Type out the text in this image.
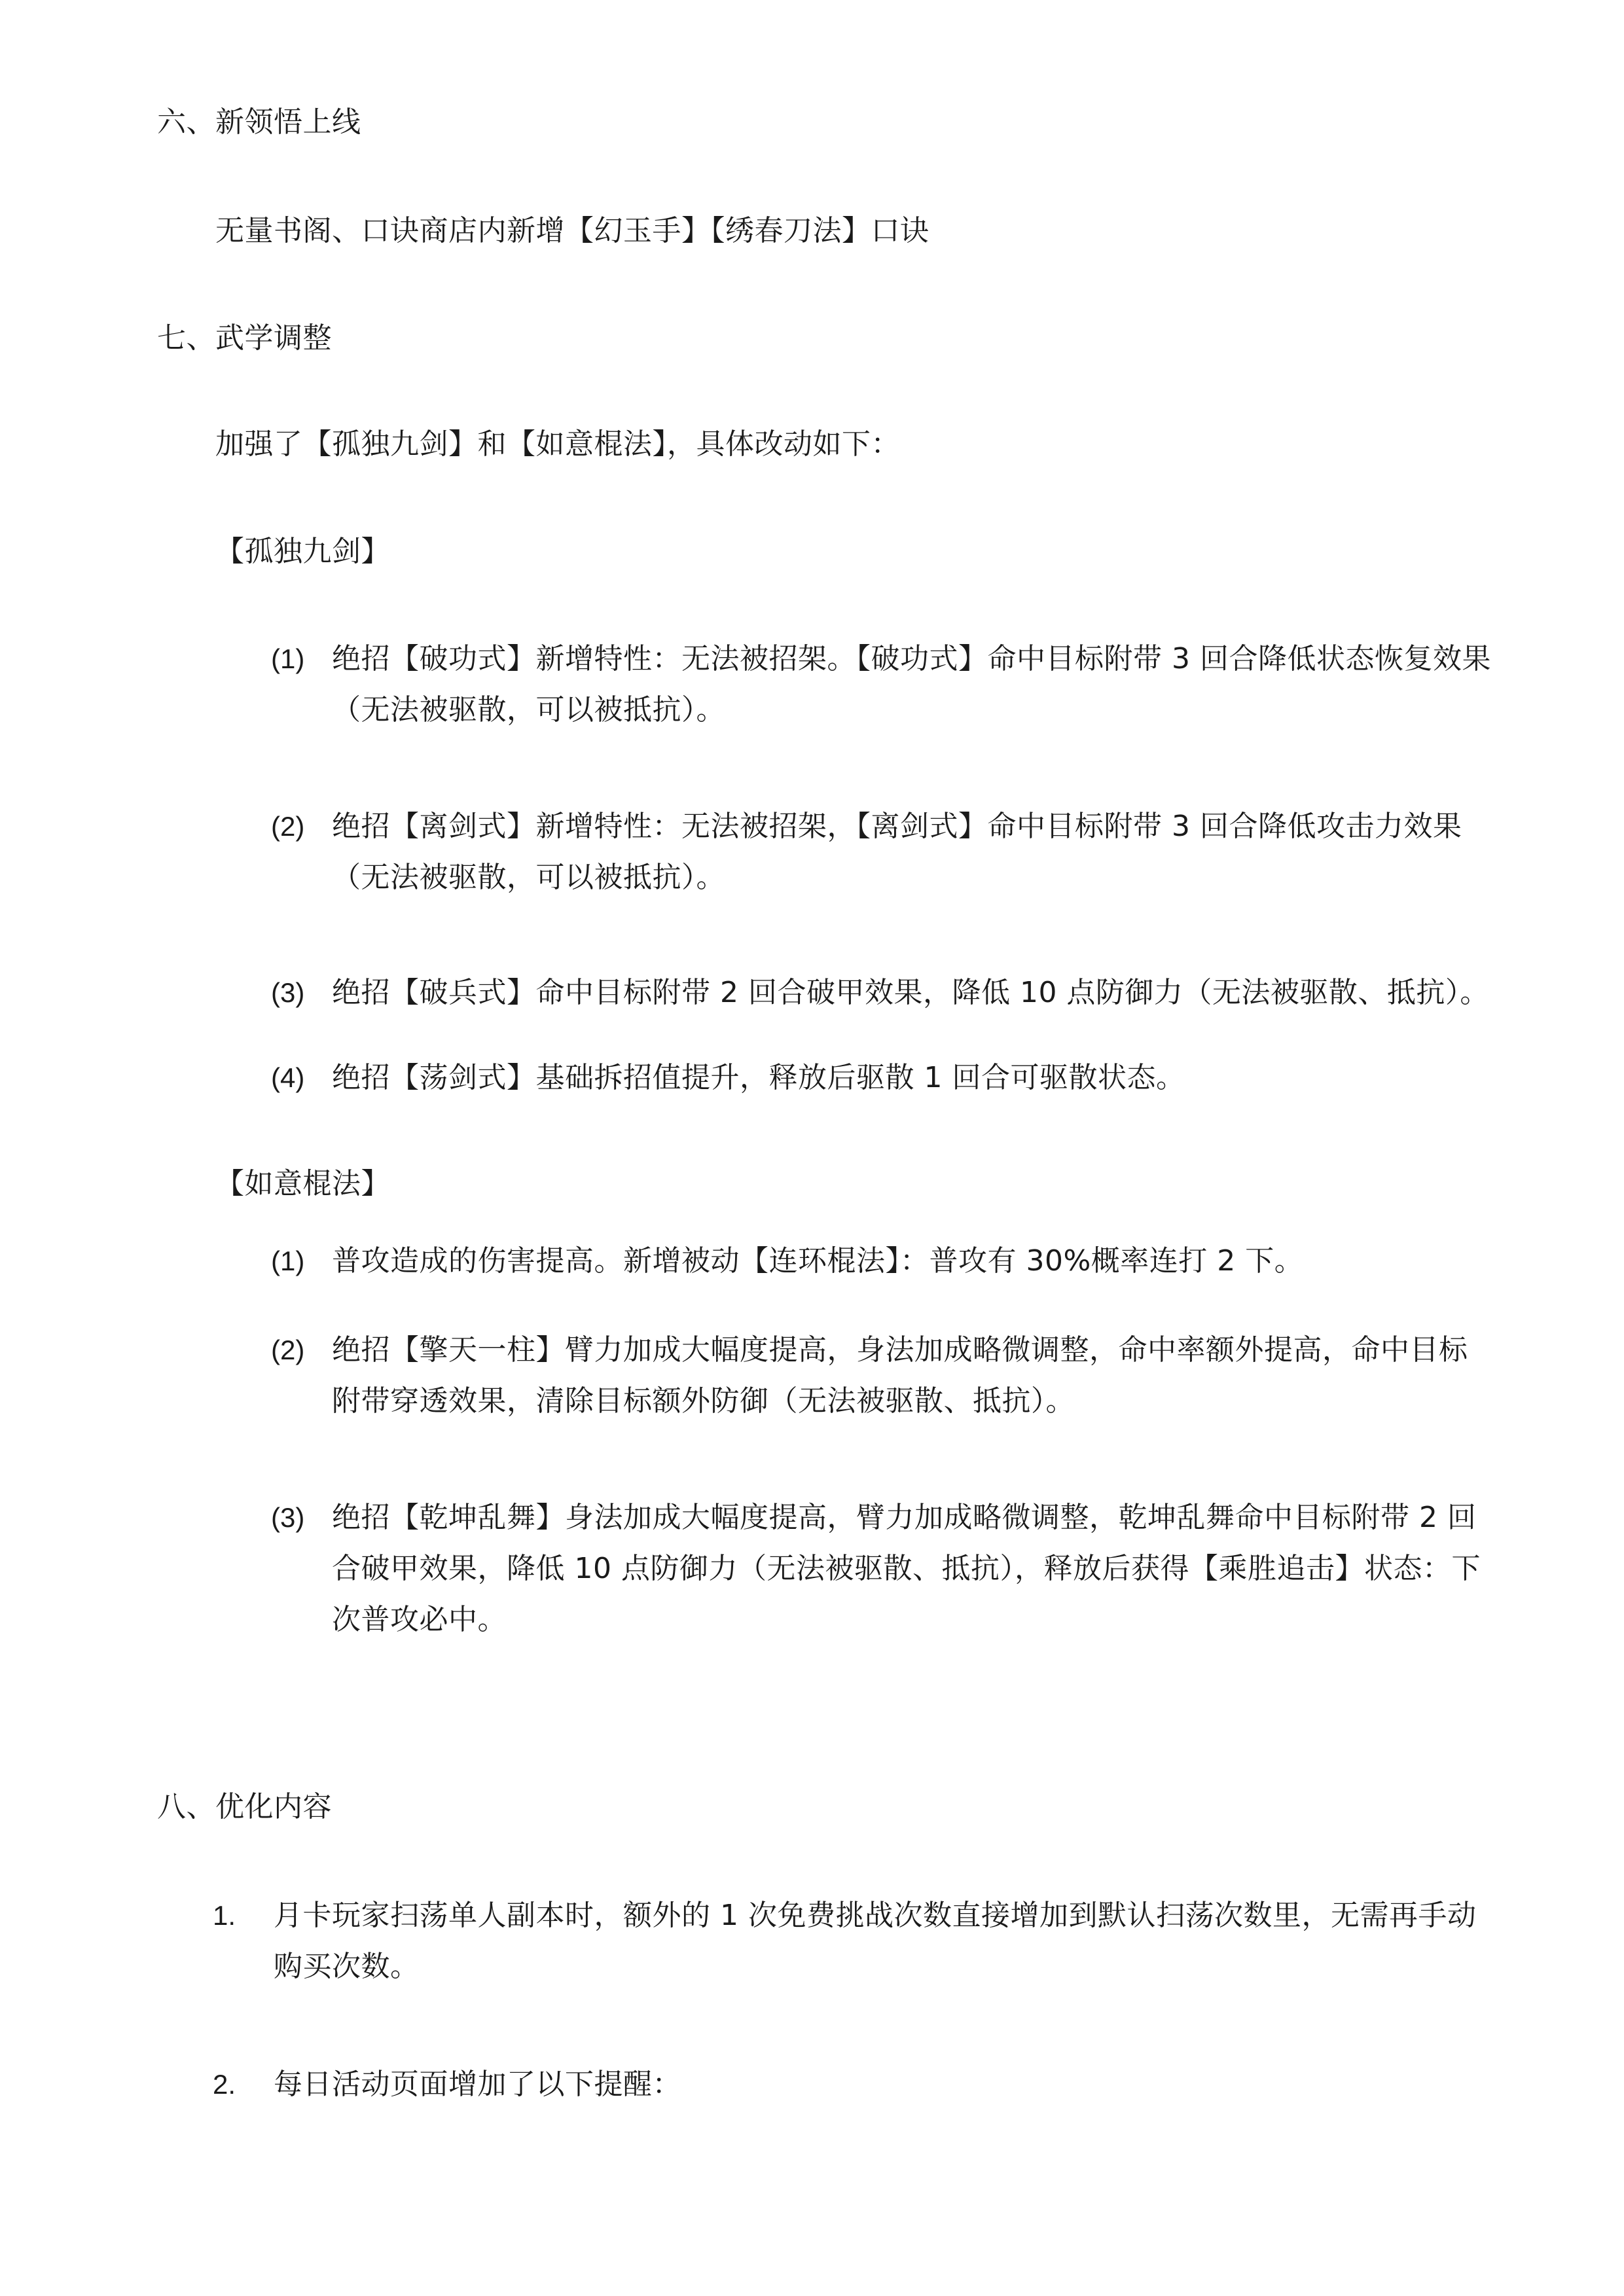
六、新领悟上线
无量书阁、口诀商店内新增【幻玉手】【绣春刀法】口诀
七、武学调整
加强了【孤独九剑】和【如意棍法】，具体改动如下：
【孤独九剑】
(1) 绝招【破功式】新增特性：无法被招架。【破功式】命中目标附带 3 回合降低状态恢复效果
（无法被驱散，可以被抵抗）。
(2) 绝招【离剑式】新增特性：无法被招架，【离剑式】命中目标附带 3 回合降低攻击力效果
（无法被驱散，可以被抵抗）。
(3) 绝招【破兵式】命中目标附带 2 回合破甲效果，降低 10 点防御力（无法被驱散、抵抗）。
(4) 绝招【荡剑式】基础拆招值提升，释放后驱散 1 回合可驱散状态。
【如意棍法】
(1) 普攻造成的伤害提高。新增被动【连环棍法】：普攻有 30%概率连打 2 下。
(2) 绝招【擎天一柱】臂力加成大幅度提高，身法加成略微调整，命中率额外提高，命中目标
附带穿透效果，清除目标额外防御（无法被驱散、抵抗）。
(3) 绝招【乾坤乱舞】身法加成大幅度提高，臂力加成略微调整，乾坤乱舞命中目标附带 2 回
合破甲效果，降低 10 点防御力（无法被驱散、抵抗），释放后获得【乘胜追击】状态：下
次普攻必中。
八、优化内容
1. 月卡玩家扫荡单人副本时，额外的 1 次免费挑战次数直接增加到默认扫荡次数里，无需再手动
购买次数。
2. 每日活动页面增加了以下提醒：
